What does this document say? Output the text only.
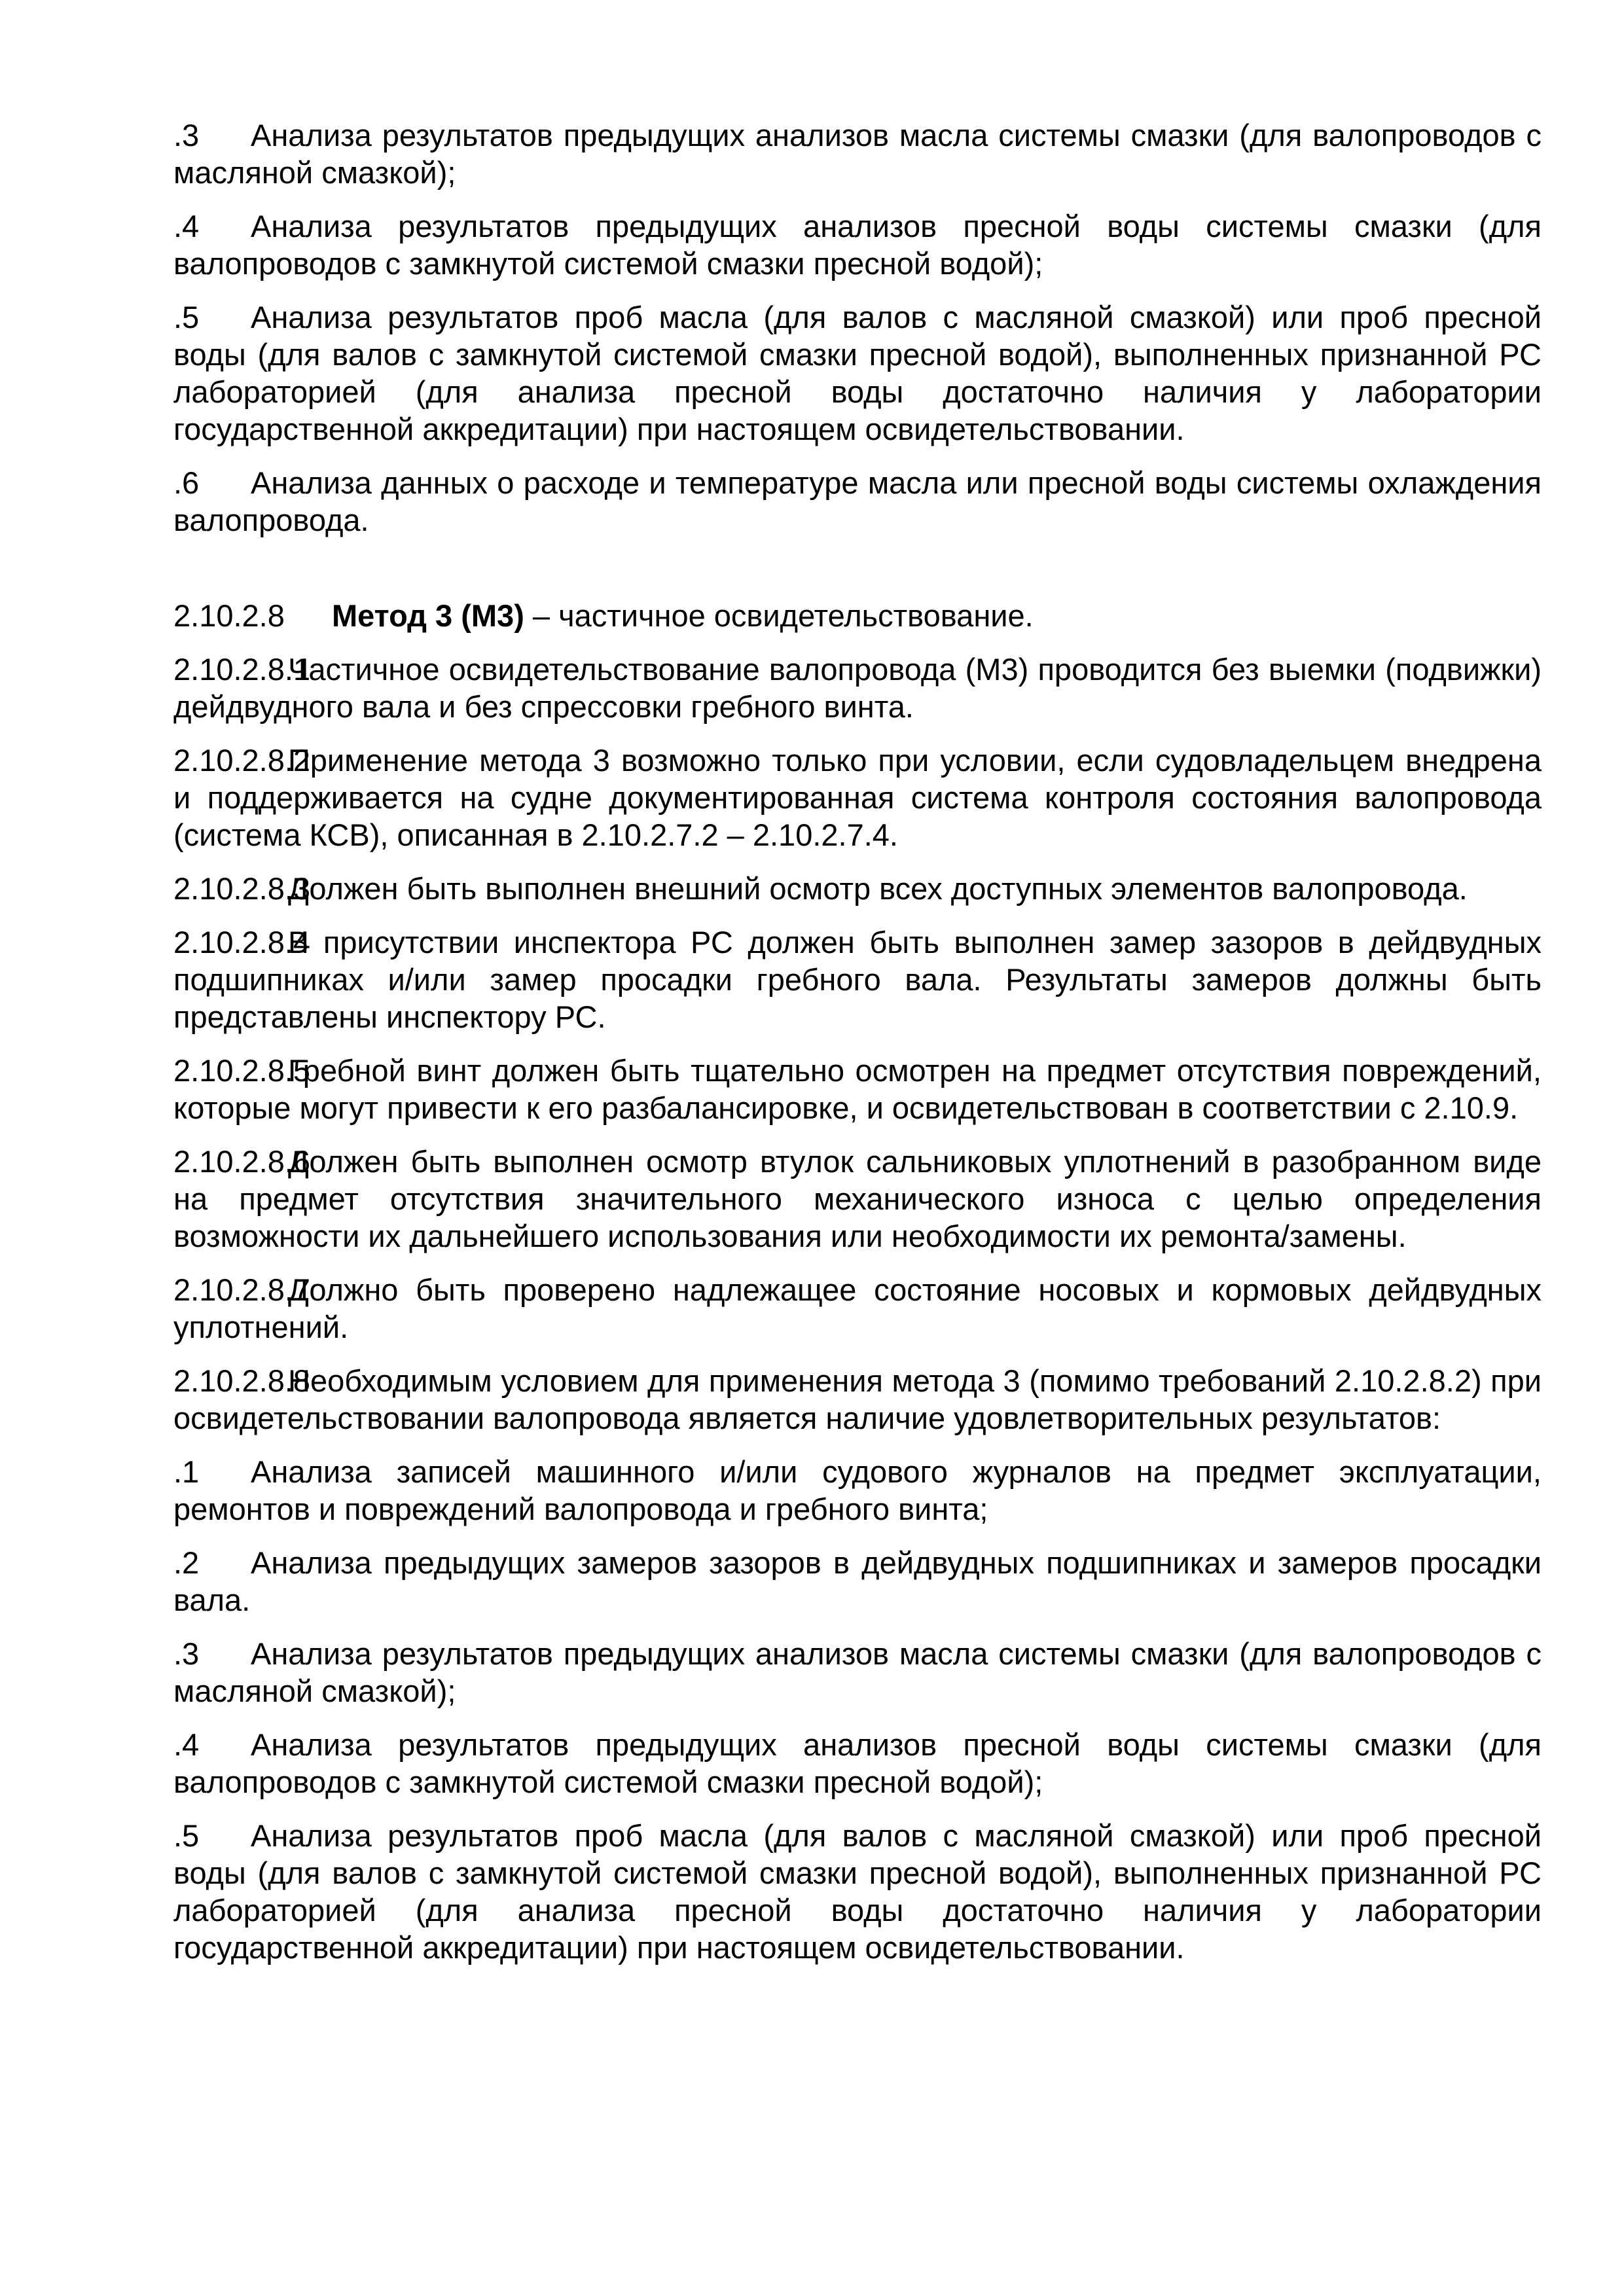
.3 Анализа результатов предыдущих анализов масла системы смазки (для валопроводов с масляной смазкой);

.4 Анализа результатов предыдущих анализов пресной воды системы смазки (для валопроводов с замкнутой системой смазки пресной водой);

.5 Анализа результатов проб масла (для валов с масляной смазкой) или проб пресной воды (для валов с замкнутой системой смазки пресной водой), выполненных признанной РС лабораторией (для анализа пресной воды достаточно наличия у лаборатории государственной аккредитации) при настоящем освидетельствовании.

.6 Анализа данных о расходе и температуре масла или пресной воды системы охлаждения валопровода.

2.10.2.8 Метод 3 (М3) – частичное освидетельствование.

2.10.2.8.1Частичное освидетельствование валопровода (М3) проводится без выемки (подвижки) дейдвудного вала и без спрессовки гребного винта.

2.10.2.8.2Применение метода 3 возможно только при условии, если судовладельцем внедрена и поддерживается на судне документированная система контроля состояния валопровода (система КСВ), описанная в 2.10.2.7.2 – 2.10.2.7.4.

2.10.2.8.3Должен быть выполнен внешний осмотр всех доступных элементов валопровода.

2.10.2.8.4В присутствии инспектора РС должен быть выполнен замер зазоров в дейдвудных подшипниках и/или замер просадки гребного вала. Результаты замеров должны быть представлены инспектору РС.

2.10.2.8.5Гребной винт должен быть тщательно осмотрен на предмет отсутствия повреждений, которые могут привести к его разбалансировке, и освидетельствован в соответствии с 2.10.9.

2.10.2.8.6Должен быть выполнен осмотр втулок сальниковых уплотнений в разобранном виде на предмет отсутствия значительного механического износа с целью определения возможности их дальнейшего использования или необходимости их ремонта/замены.

2.10.2.8.7Должно быть проверено надлежащее состояние носовых и кормовых дейдвудных уплотнений.

2.10.2.8.8Необходимым условием для применения метода 3 (помимо требований 2.10.2.8.2) при освидетельствовании валопровода является наличие удовлетворительных результатов:

.1 Анализа записей машинного и/или судового журналов на предмет эксплуатации, ремонтов и повреждений валопровода и гребного винта;

.2 Анализа предыдущих замеров зазоров в дейдвудных подшипниках и замеров просадки вала.

.3 Анализа результатов предыдущих анализов масла системы смазки (для валопроводов с масляной смазкой);

.4 Анализа результатов предыдущих анализов пресной воды системы смазки (для валопроводов с замкнутой системой смазки пресной водой);

.5 Анализа результатов проб масла (для валов с масляной смазкой) или проб пресной воды (для валов с замкнутой системой смазки пресной водой), выполненных признанной РС лабораторией (для анализа пресной воды достаточно наличия у лаборатории государственной аккредитации) при настоящем освидетельствовании.
